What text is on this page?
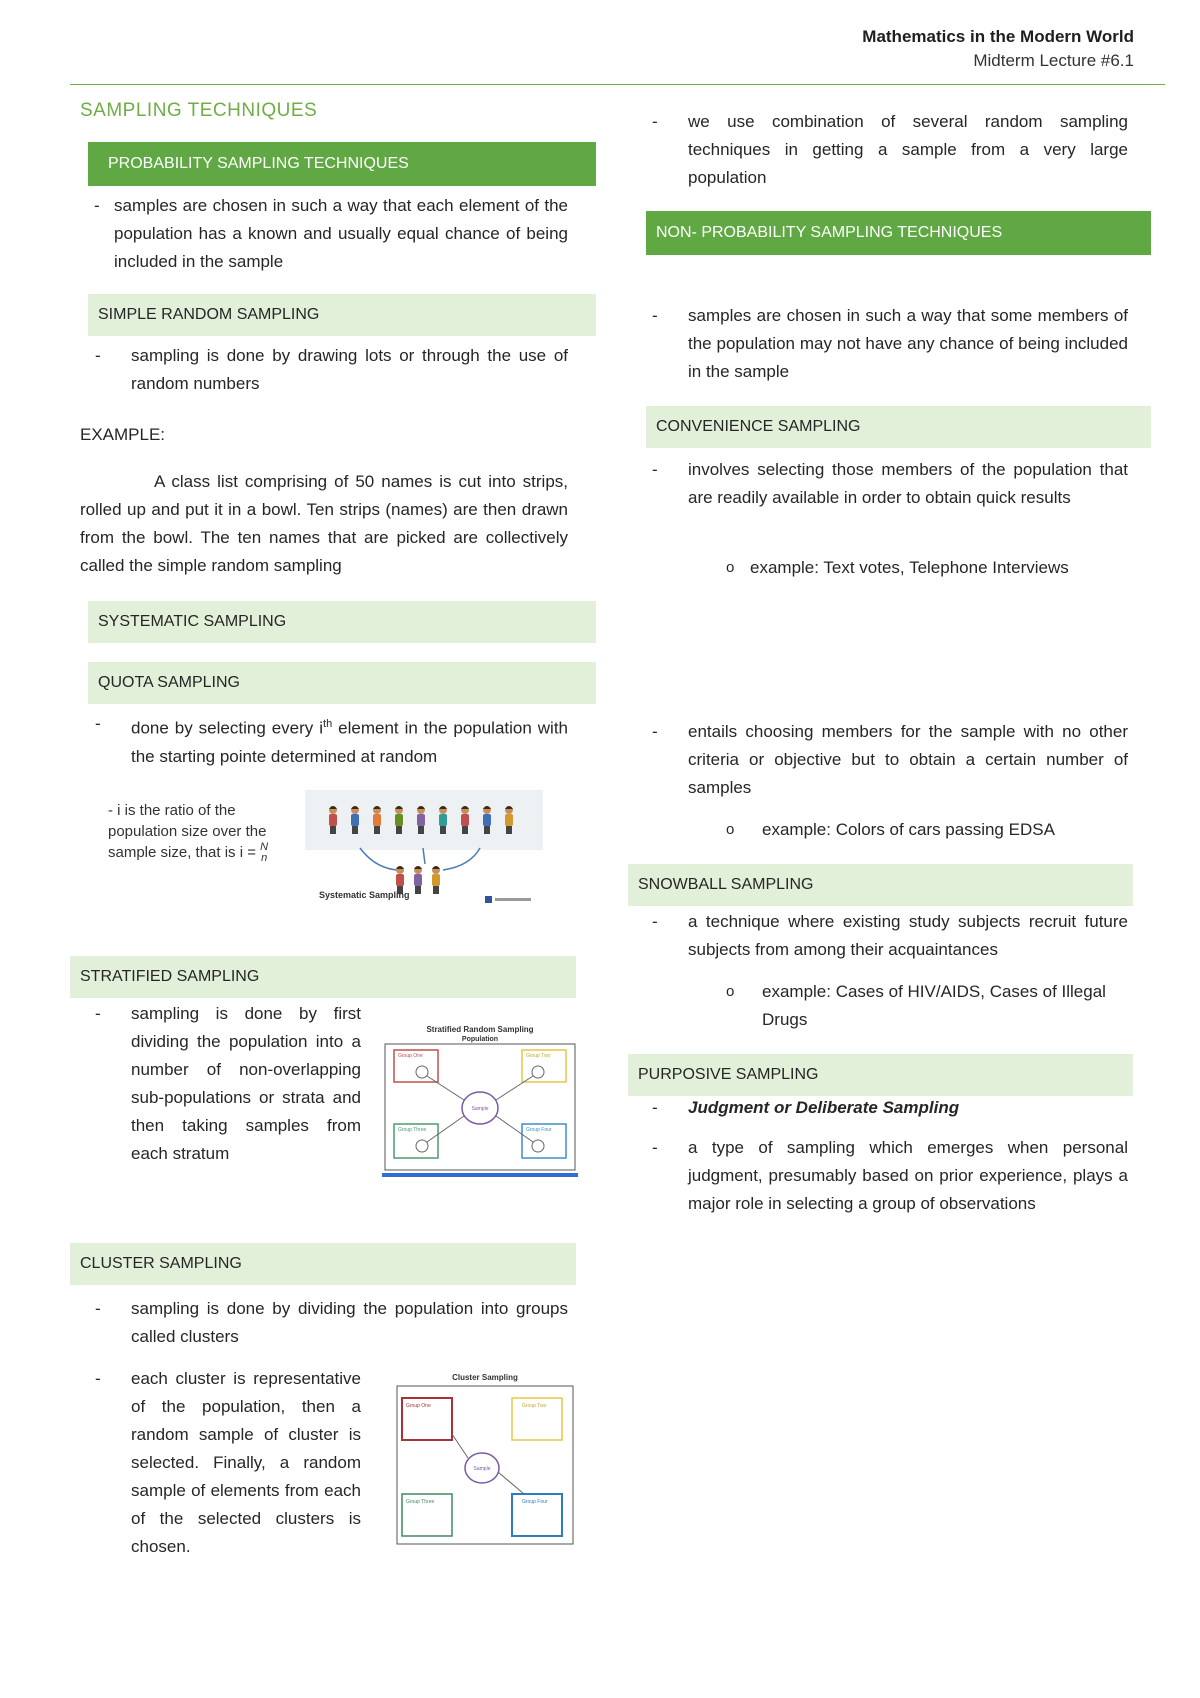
Mathematics in the Modern World
Midterm Lecture #6.1
SAMPLING TECHNIQUES
PROBABILITY SAMPLING TECHNIQUES
- samples are chosen in such a way that each element of the population has a known and usually equal chance of being included in the sample
SIMPLE RANDOM SAMPLING
- sampling is done by drawing lots or through the use of random numbers
EXAMPLE:
A class list comprising of 50 names is cut into strips, rolled up and put it in a bowl. Ten strips (names) are then drawn from the bowl. The ten names that are picked are collectively called the simple random sampling
SYSTEMATIC SAMPLING
QUOTA SAMPLING
- done by selecting every $i^{th}$ element in the population with the starting pointe determined at random
- i is the ratio of the population size over the sample size, that is i = N
n
Systematic Sampling
STRATIFIED SAMPLING
- sampling is done by first dividing the population into a number of non-overlapping sub-populations or strata and then taking samples from each stratum
Stratified Random Sampling
Population
Group One	Group Two
Group Three	Group Four
Sample
CLUSTER SAMPLING
- sampling is done by dividing the population into groups called clusters
- each cluster is representative of the population, then a random sample of cluster is selected. Finally, a random sample of elements from each of the selected clusters is chosen.
Cluster Sampling
Group One	Group Two
Group Three	Group Four
Sample
- we use combination of several random sampling techniques in getting a sample from a very large population
NON- PROBABILITY SAMPLING TECHNIQUES
- samples are chosen in such a way that some members of the population may not have any chance of being included in the sample
CONVENIENCE SAMPLING
- involves selecting those members of the population that are readily available in order to obtain quick results
o example: Text votes, Telephone Interviews
- entails choosing members for the sample with no other criteria or objective but to obtain a certain number of samples
o example: Colors of cars passing EDSA
SNOWBALL SAMPLING
- a technique where existing study subjects recruit future subjects from among their acquaintances
o example: Cases of HIV/AIDS, Cases of Illegal Drugs
PURPOSIVE SAMPLING
- Judgment or Deliberate Sampling
- a type of sampling which emerges when personal judgment, presumably based on prior experience, plays a major role in selecting a group of observations
